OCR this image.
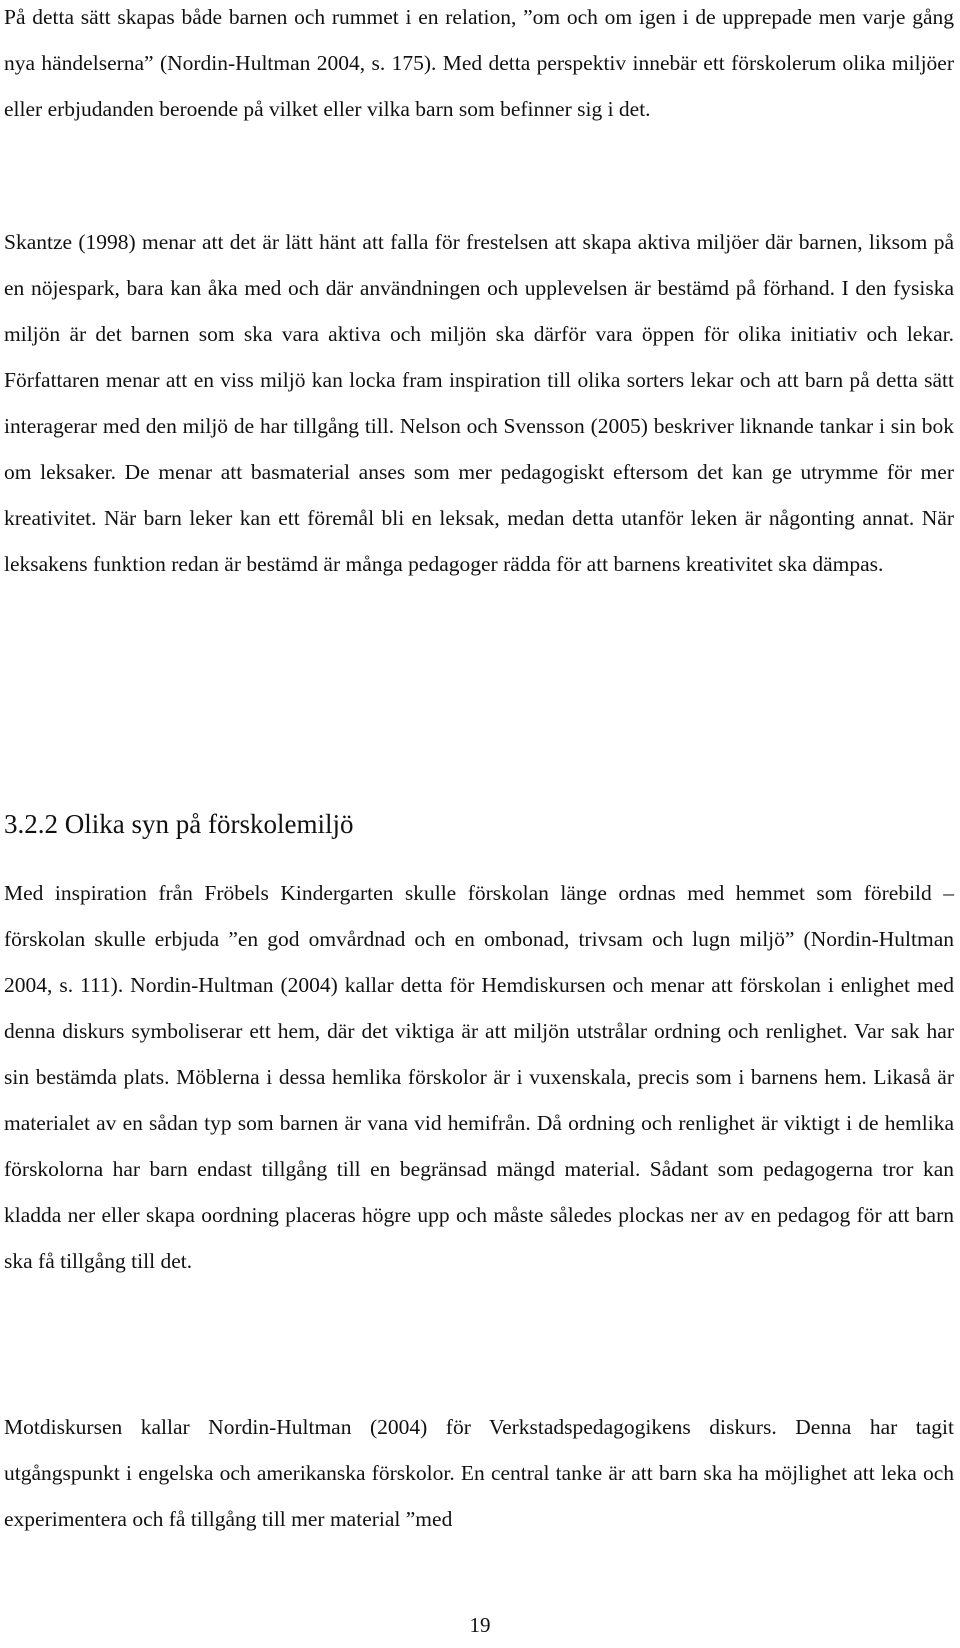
På detta sätt skapas både barnen och rummet i en relation, ”om och om igen i de upprepade men varje gång nya händelserna” (Nordin-Hultman 2004, s. 175). Med detta perspektiv innebär ett förskolerum olika miljöer eller erbjudanden beroende på vilket eller vilka barn som befinner sig i det.

Skantze (1998) menar att det är lätt hänt att falla för frestelsen att skapa aktiva miljöer där barnen, liksom på en nöjespark, bara kan åka med och där användningen och upplevelsen är bestämd på förhand. I den fysiska miljön är det barnen som ska vara aktiva och miljön ska därför vara öppen för olika initiativ och lekar. Författaren menar att en viss miljö kan locka fram inspiration till olika sorters lekar och att barn på detta sätt interagerar med den miljö de har tillgång till. Nelson och Svensson (2005) beskriver liknande tankar i sin bok om leksaker. De menar att basmaterial anses som mer pedagogiskt eftersom det kan ge utrymme för mer kreativitet. När barn leker kan ett föremål bli en leksak, medan detta utanför leken är någonting annat. När leksakens funktion redan är bestämd är många pedagoger rädda för att barnens kreativitet ska dämpas.

3.2.2 Olika syn på förskolemiljö

Med inspiration från Fröbels Kindergarten skulle förskolan länge ordnas med hemmet som förebild – förskolan skulle erbjuda ”en god omvårdnad och en ombonad, trivsam och lugn miljö” (Nordin-Hultman 2004, s. 111). Nordin-Hultman (2004) kallar detta för Hemdiskursen och menar att förskolan i enlighet med denna diskurs symboliserar ett hem, där det viktiga är att miljön utstrålar ordning och renlighet. Var sak har sin bestämda plats. Möblerna i dessa hemlika förskolor är i vuxenskala, precis som i barnens hem. Likaså är materialet av en sådan typ som barnen är vana vid hemifrån. Då ordning och renlighet är viktigt i de hemlika förskolorna har barn endast tillgång till en begränsad mängd material. Sådant som pedagogerna tror kan kladda ner eller skapa oordning placeras högre upp och måste således plockas ner av en pedagog för att barn ska få tillgång till det.

Motdiskursen kallar Nordin-Hultman (2004) för Verkstadspedagogikens diskurs. Denna har tagit utgångspunkt i engelska och amerikanska förskolor. En central tanke är att barn ska ha möjlighet att leka och experimentera och få tillgång till mer material ”med

19
